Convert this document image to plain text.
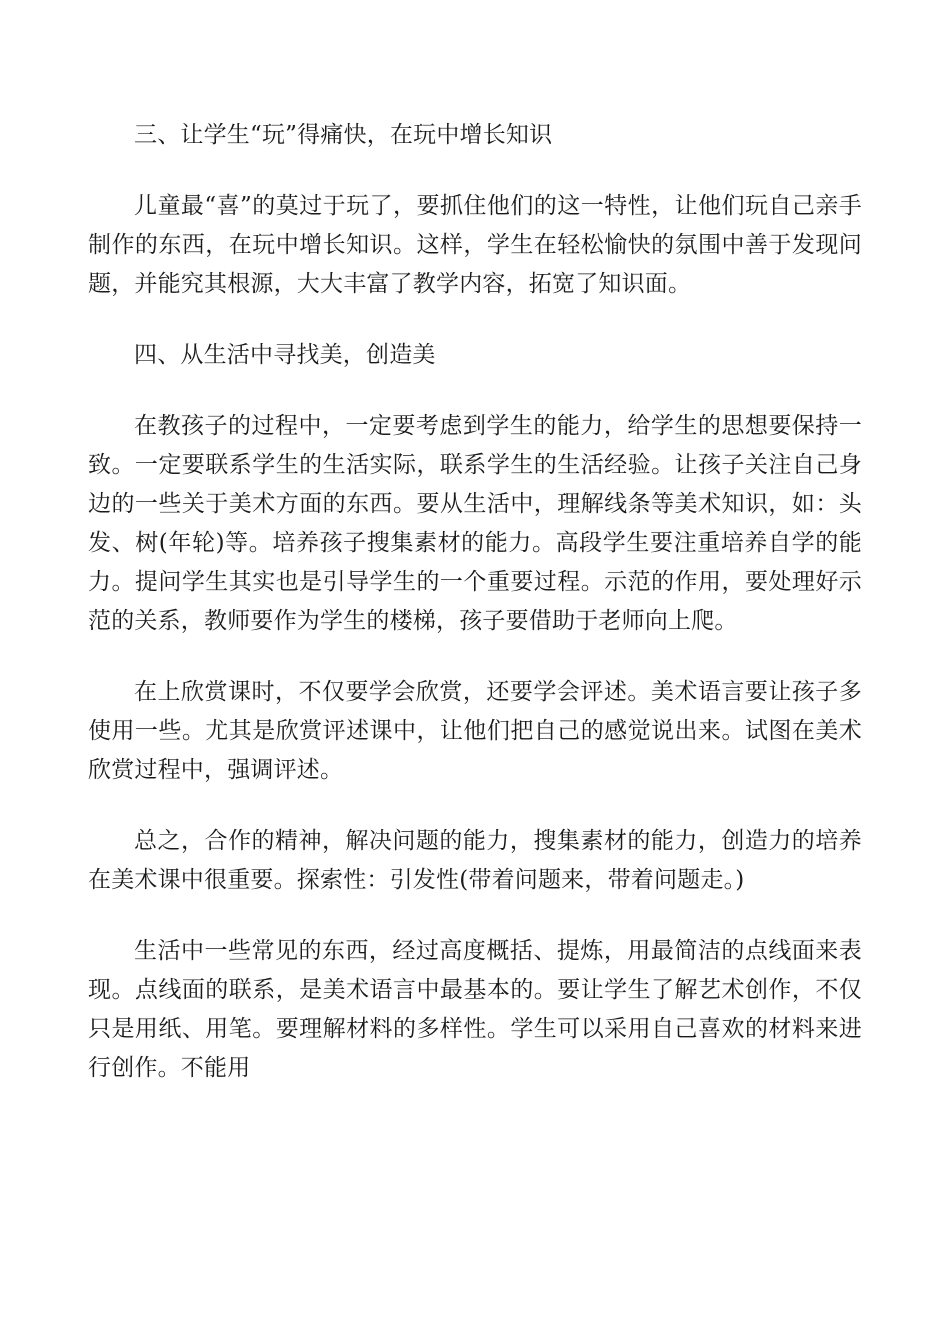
三、让学生“玩”得痛快，在玩中增长知识

儿童最“喜”的莫过于玩了，要抓住他们的这一特性，让他们玩自己亲手制作的东西，在玩中增长知识。这样，学生在轻松愉快的氛围中善于发现问题，并能究其根源，大大丰富了教学内容，拓宽了知识面。

四、从生活中寻找美，创造美

在教孩子的过程中，一定要考虑到学生的能力，给学生的思想要保持一致。一定要联系学生的生活实际，联系学生的生活经验。让孩子关注自己身边的一些关于美术方面的东西。要从生活中，理解线条等美术知识，如：头发、树(年轮)等。培养孩子搜集素材的能力。高段学生要注重培养自学的能力。提问学生其实也是引导学生的一个重要过程。示范的作用，要处理好示范的关系，教师要作为学生的楼梯，孩子要借助于老师向上爬。

在上欣赏课时，不仅要学会欣赏，还要学会评述。美术语言要让孩子多使用一些。尤其是欣赏评述课中，让他们把自己的感觉说出来。试图在美术欣赏过程中，强调评述。

总之，合作的精神，解决问题的能力，搜集素材的能力，创造力的培养在美术课中很重要。探索性：引发性(带着问题来，带着问题走。)

生活中一些常见的东西，经过高度概括、提炼，用最简洁的点线面来表现。点线面的联系，是美术语言中最基本的。要让学生了解艺术创作，不仅只是用纸、用笔。要理解材料的多样性。学生可以采用自己喜欢的材料来进行创作。不能用
